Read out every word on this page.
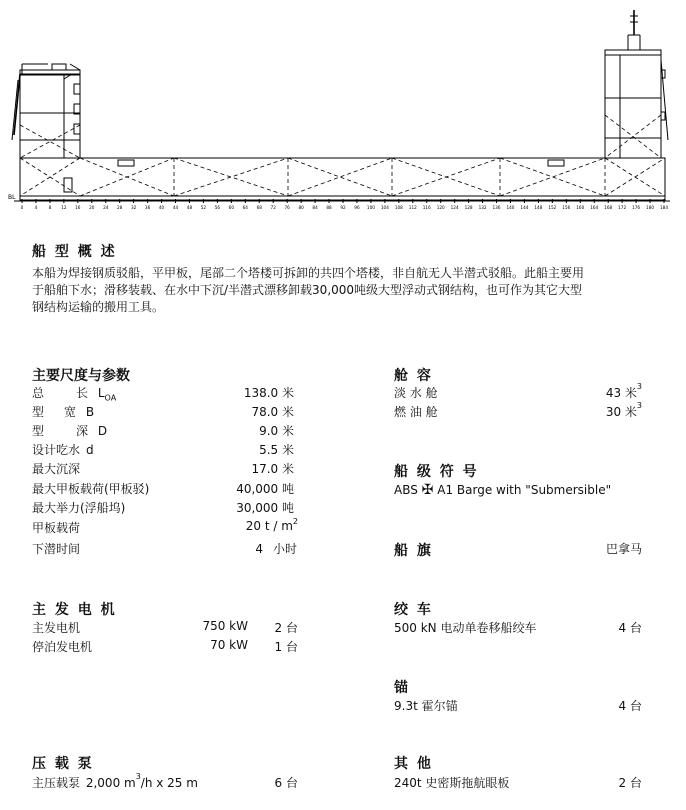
0	4	8 12 16 20 24 28 32 36 40 44 48 52 56 60 64 68 72 76 80 84 88 92 96 100 104 108 112 116 120 124 128 132 136 140 144 148 152 156 160 164 168 172 176 180 184
BL
船 型 概 述
本船为焊接钢质驳船，平甲板，尾部二个塔楼可拆卸的共四个塔楼，非自航无人半潜式驳船。此船主要用
于船舶下水；滑移装载、在水中下沉/半潜式漂移卸载30,000吨级大型浮动式钢结构，也可作为其它大型
钢结构运输的搬用工具。
主要尺度与参数
总	长 $L_{OA}$	138.0 米
型 宽 B	78.0 米
型	深 D	9.0 米
设计吃水 d	5.5 米
最大沉深	17.0 米
最大甲板载荷(甲板驳)	40,000 吨
最大举力(浮船坞)	30,000 吨
甲板载荷	20 t / $m^2$
下潜时间	4 小时
舱 容
淡 水 舱	43 米$^3$
燃 油 舱	30 米$^3$
船 级 符 号
ABS ✠ A1 Barge with "Submersible"
船 旗	巴拿马
主 发 电 机
主发电机	750 kW 2 台
停泊发电机	70 kW 1 台
绞 车
500 kN 电动单卷移船绞车	4 台
锚
9.3t 霍尔锚	4 台
压 载 泵
主压载泵 2,000 $m^3/h$ x 25 m	6 台
其 他
240t 史密斯拖航眼板	2 台
